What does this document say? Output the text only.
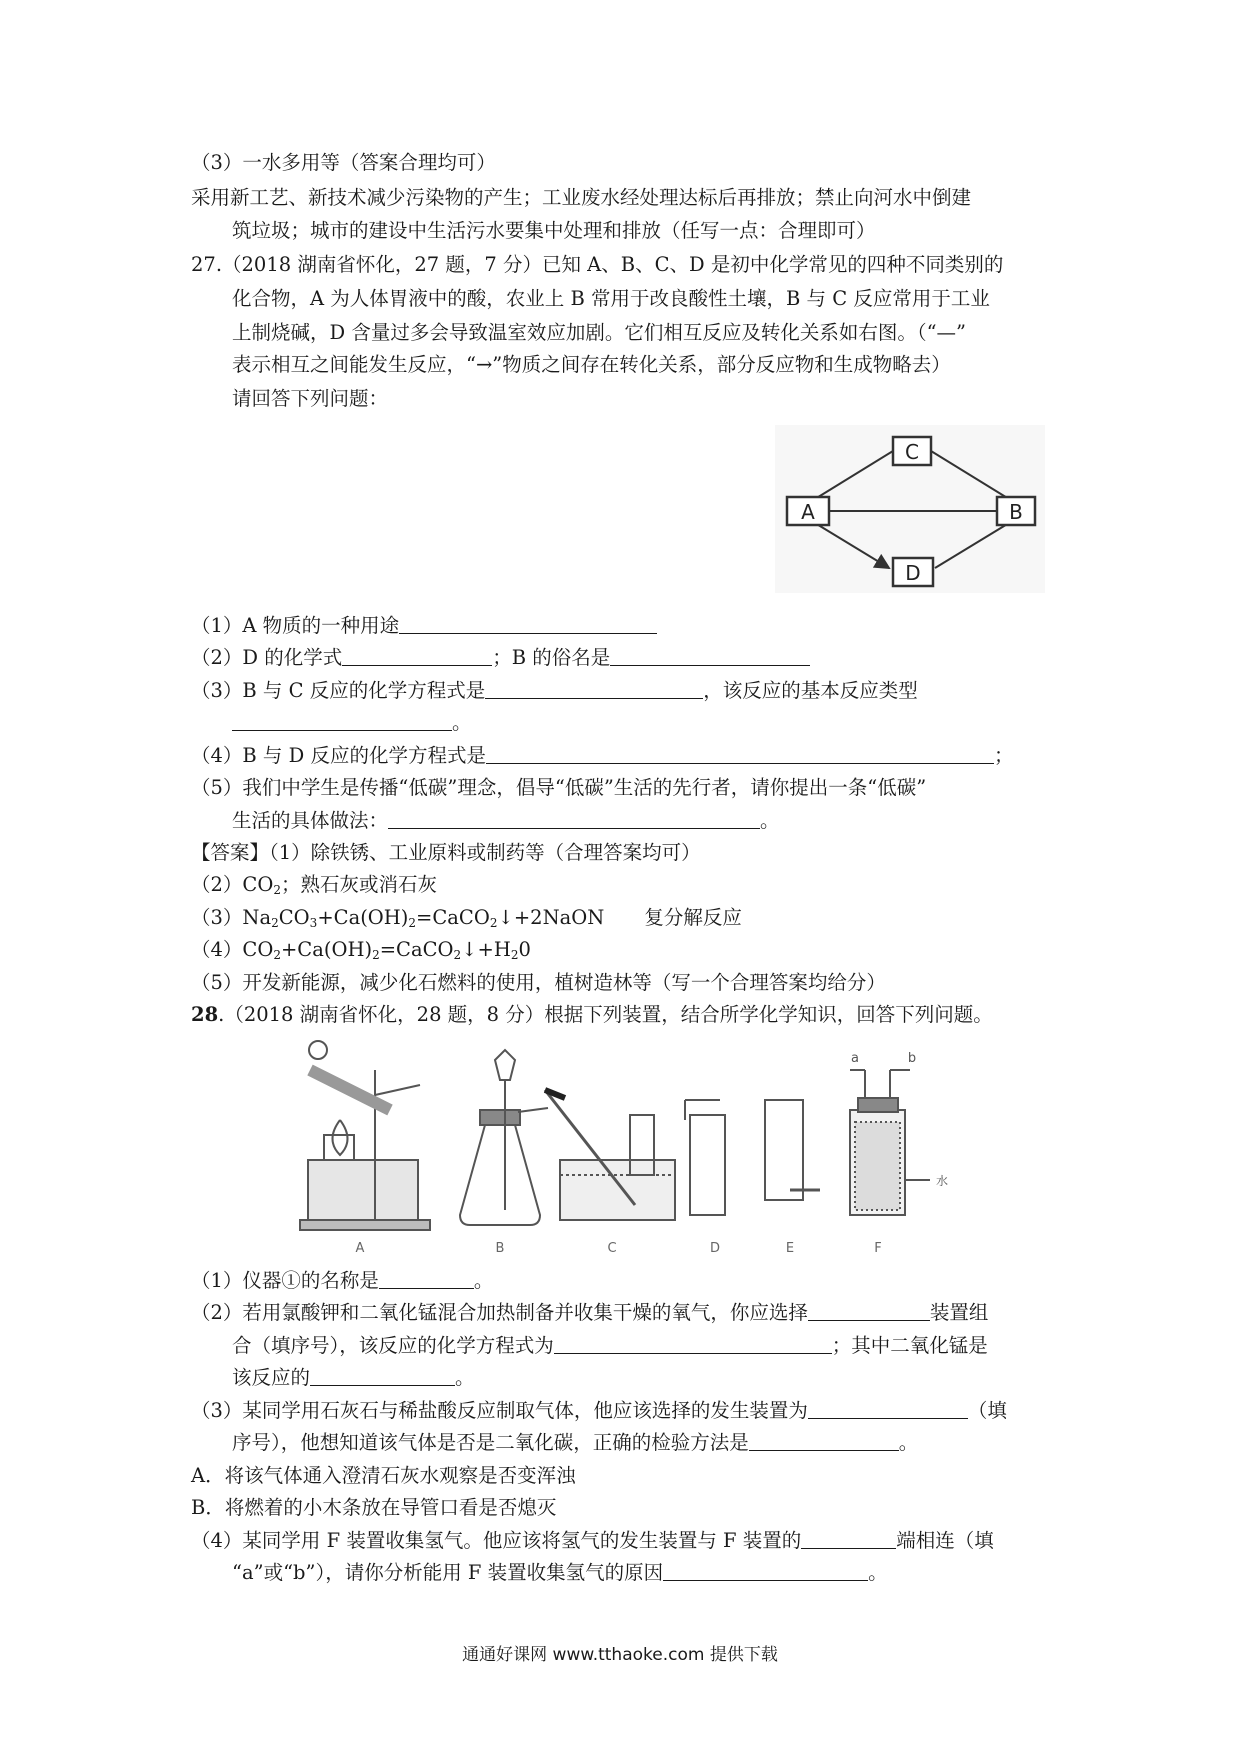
（3）一水多用等（答案合理均可）
采用新工艺、新技术减少污染物的产生；工业废水经处理达标后再排放；禁止向河水中倒建
筑垃圾；城市的建设中生活污水要集中处理和排放（任写一点：合理即可）
27.（2018 湖南省怀化，27 题，7 分）已知 A、B、C、D 是初中化学常见的四种不同类别的
化合物，A 为人体胃液中的酸，农业上 B 常用于改良酸性土壤，B 与 C 反应常用于工业
上制烧碱，D 含量过多会导致温室效应加剧。它们相互反应及转化关系如右图。（“—”
表示相互之间能发生反应，“→”物质之间存在转化关系，部分反应物和生成物略去）
请回答下列问题：
C
A	B
D
（1）A 物质的一种用途
（2）D 的化学式	；B 的俗名是
（3）B 与 C 反应的化学方程式是	，该反应的基本反应类型
。
（4）B 与 D 反应的化学方程式是	；
（5）我们中学生是传播“低碳”理念，倡导“低碳”生活的先行者，请你提出一条“低碳”
生活的具体做法：	。
【答案】（1）除铁锈、工业原料或制药等（合理答案均可）
$(2)CO_2$；熟石灰或消石灰
$(3)Na_2CO_3+Ca(OH)_2=CaCO_2↓+2NaON$ 复分解反应
$(4)CO_2+Ca(OH)_2=CaCO_2↓+H_20$
（5）开发新能源，减少化石燃料的使用，植树造林等（写一个合理答案均给分）
28.（2018 湖南省怀化，28 题，8 分）根据下列装置，结合所学化学知识，回答下列问题。
A	B	C	D	E	F
a	b
水
（1）仪器①的名称是	。
（2）若用氯酸钾和二氧化锰混合加热制备并收集干燥的氧气，你应选择	装置组
合（填序号），该反应的化学方程式为	；其中二氧化锰是
该反应的	。
（3）某同学用石灰石与稀盐酸反应制取气体，他应该选择的发生装置为	（填
序号），他想知道该气体是否是二氧化碳，正确的检验方法是	。
A．将该气体通入澄清石灰水观察是否变浑浊
B．将燃着的小木条放在导管口看是否熄灭
（4）某同学用 F 装置收集氢气。他应该将氢气的发生装置与 F 装置的	端相连（填
“a”或“b”），请你分析能用 F 装置收集氢气的原因	。
通通好课网 www.tthaoke.com 提供下载
